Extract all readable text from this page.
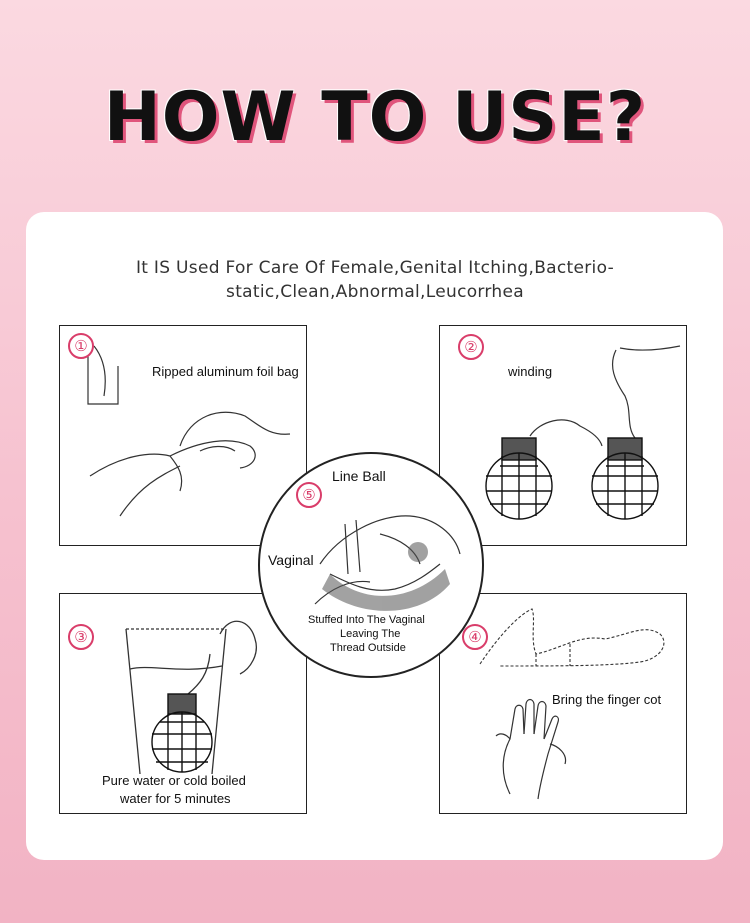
HOW TO USE?
It IS Used For Care Of Female,Genital Itching,Bacterio-static,Clean,Abnormal,Leucorrhea
①
Ripped aluminum foil bag
②
winding
③
Pure water or cold boiled
water for 5 minutes
④
Bring the finger cot
⑤
Line Ball
Vaginal
Stuffed Into The Vaginal
Leaving The
Thread Outside
